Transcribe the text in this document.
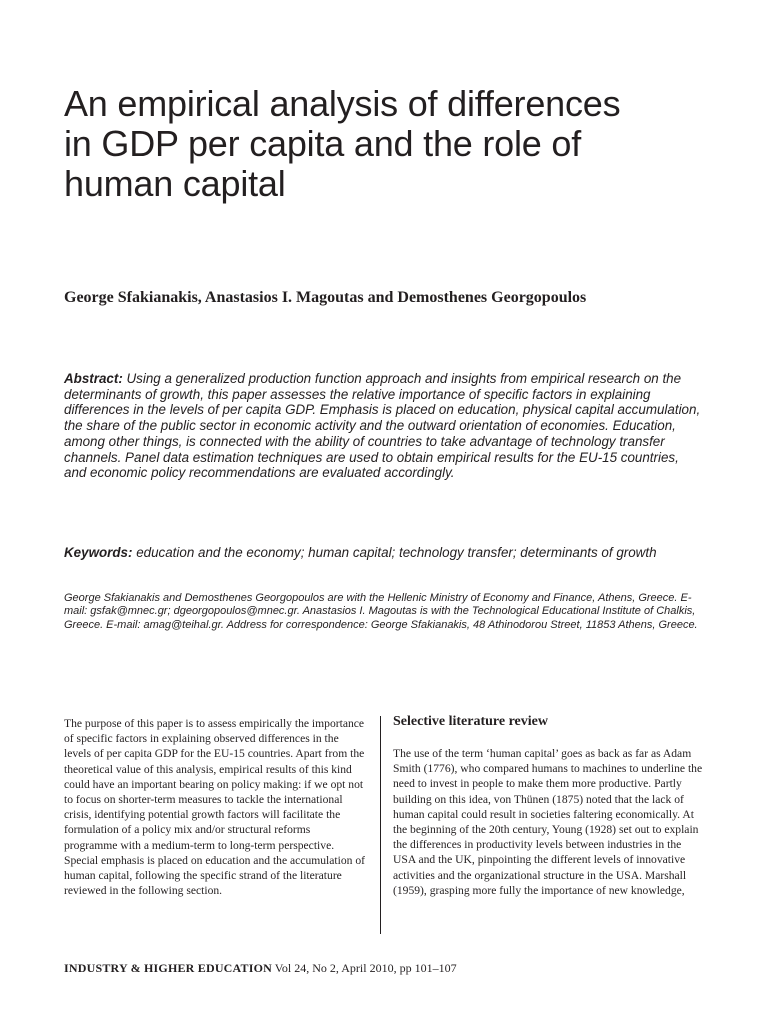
An empirical analysis of differences in GDP per capita and the role of human capital

George Sfakianakis, Anastasios I. Magoutas and Demosthenes Georgopoulos

Abstract: Using a generalized production function approach and insights from empirical research on the determinants of growth, this paper assesses the relative importance of specific factors in explaining differences in the levels of per capita GDP. Emphasis is placed on education, physical capital accumulation, the share of the public sector in economic activity and the outward orientation of economies. Education, among other things, is connected with the ability of countries to take advantage of technology transfer channels. Panel data estimation techniques are used to obtain empirical results for the EU-15 countries, and economic policy recommendations are evaluated accordingly.

Keywords: education and the economy; human capital; technology transfer; determinants of growth

George Sfakianakis and Demosthenes Georgopoulos are with the Hellenic Ministry of Economy and Finance, Athens, Greece. E-mail: gsfak@mnec.gr; dgeorgopoulos@mnec.gr. Anastasios I. Magoutas is with the Technological Educational Institute of Chalkis, Greece. E-mail: amag@teihal.gr. Address for correspondence: George Sfakianakis, 48 Athinodorou Street, 11853 Athens, Greece.

The purpose of this paper is to assess empirically the importance of specific factors in explaining observed differences in the levels of per capita GDP for the EU-15 countries. Apart from the theoretical value of this analysis, empirical results of this kind could have an important bearing on policy making: if we opt not to focus on shorter-term measures to tackle the international crisis, identifying potential growth factors will facilitate the formulation of a policy mix and/or structural reforms programme with a medium-term to long-term perspective. Special emphasis is placed on education and the accumulation of human capital, following the specific strand of the literature reviewed in the following section.

Selective literature review

The use of the term ‘human capital’ goes as back as far as Adam Smith (1776), who compared humans to machines to underline the need to invest in people to make them more productive. Partly building on this idea, von Thünen (1875) noted that the lack of human capital could result in societies faltering economically. At the beginning of the 20th century, Young (1928) set out to explain the differences in productivity levels between industries in the USA and the UK, pinpointing the different levels of innovative activities and the organizational structure in the USA. Marshall (1959), grasping more fully the importance of new knowledge,

INDUSTRY & HIGHER EDUCATION Vol 24, No 2, April 2010, pp 101–107
